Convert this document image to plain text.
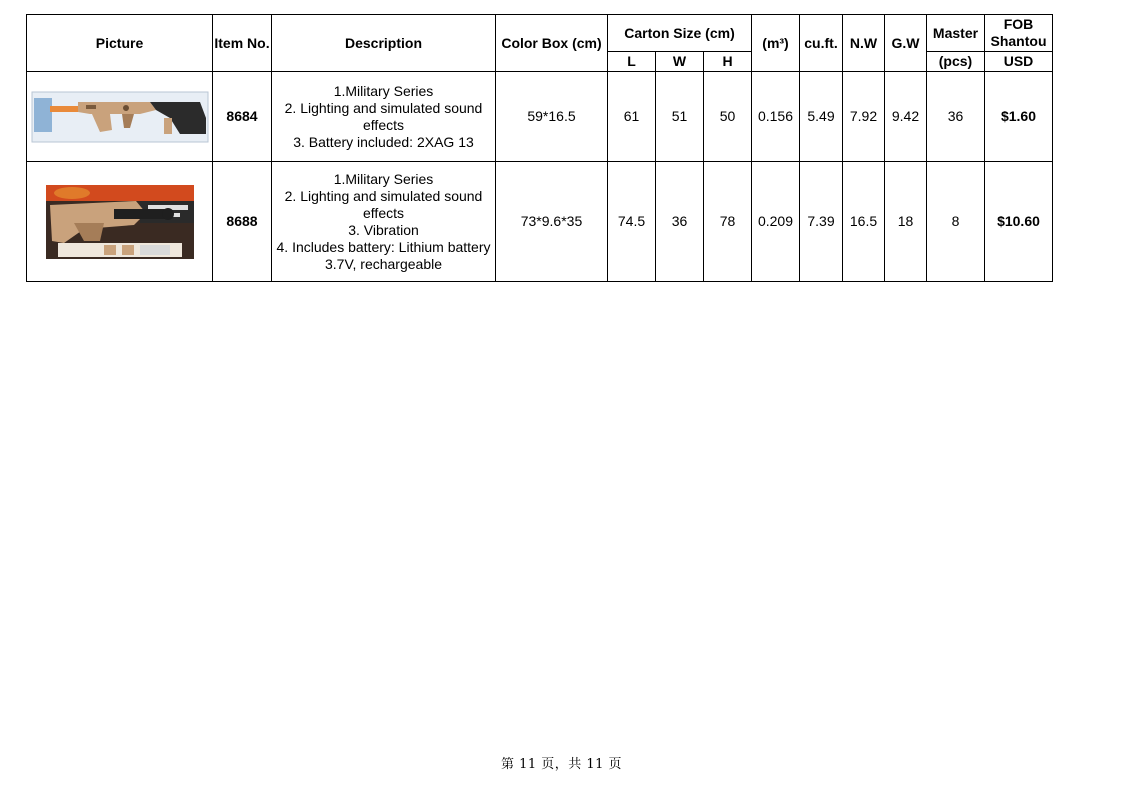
Picture	Item No.	Description	Color Box (cm)	Carton Size (cm)			(m³)	cu.ft.	N.W	G.W	Master	FOB
Shantou

				L	W	H					(pcs)	USD

	8684	1.Military Series
2. Lighting and simulated sound effects
3. Battery included: 2XAG 13	59*16.5	61	51	50	0.156	5.49	7.92	9.42	36	$1.60

	8688	1.Military Series
2. Lighting and simulated sound effects
3. Vibration
4. Includes battery: Lithium battery 3.7V, rechargeable	73*9.6*35	74.5	36	78	0.209	7.39	16.5	18	8	$10.60
第 11 页，共 11 页
